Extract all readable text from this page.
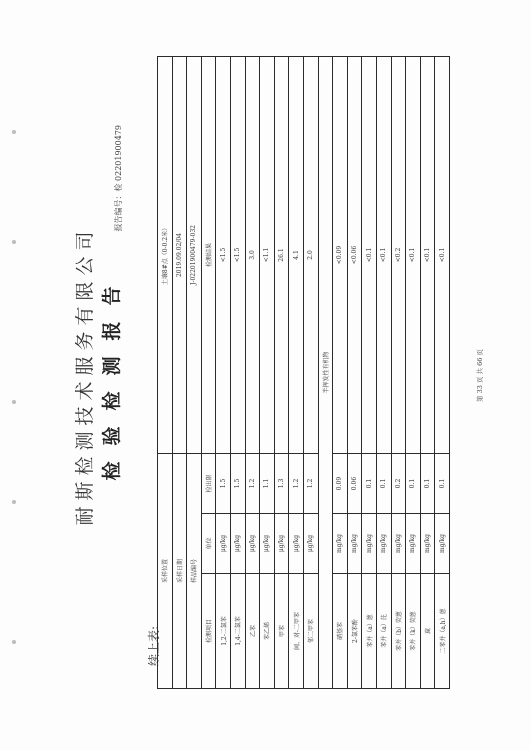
耐斯检测技术服务有限公司 检验检测报告
报告编号：检 02201900479
续上表:
采样位置			土壤8#点（0-0.2米）
采样日期			2019.09.02/04
样品编号			J-02201900479-032
检测项目	单位	检出限	检测结果
1,2-二氯苯	μg/kg	1.5	<1.5
1,4-二氯苯	μg/kg	1.5	<1.5
乙苯	μg/kg	1.2	3.0
苯乙烯	μg/kg	1.1	<1.1
甲苯	μg/kg	1.3	26.1
间、对-二甲苯	μg/kg	1.2	4.1
邻二甲苯	μg/kg	1.2	2.0
半挥发性有机物			
硝基苯	mg/kg	0.09	<0.09
2-氯苯酚	mg/kg	0.06	<0.06
苯并（a）蒽	mg/kg	0.1	<0.1
苯并（a）芘	mg/kg	0.1	<0.1
苯并（b）荧蒽	mg/kg	0.2	<0.2
苯并（k）荧蒽	mg/kg	0.1	<0.1
䓛	mg/kg	0.1	<0.1
二苯并（a,h）蒽	mg/kg	0.1	<0.1
第 33 页 共 66 页
